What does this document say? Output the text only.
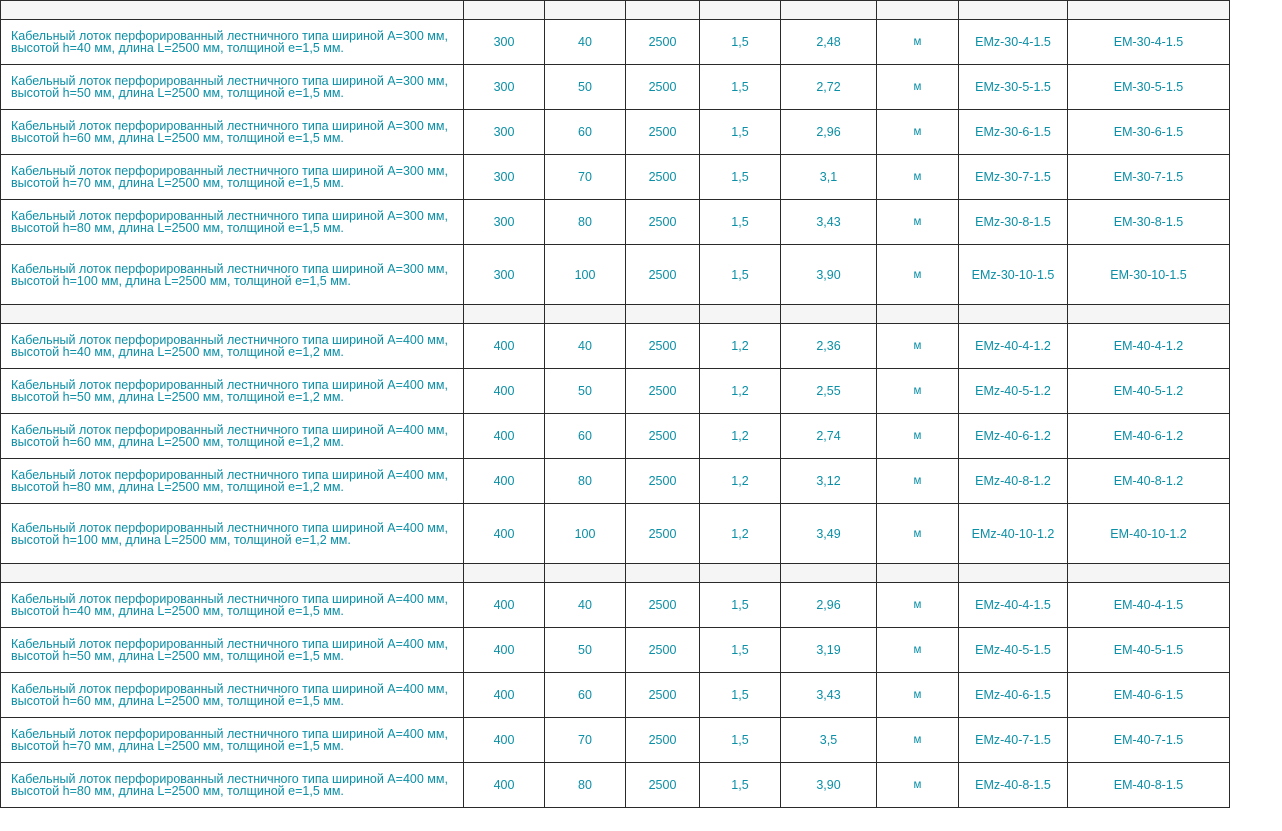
Кабельный лоток перфорированный лестничного типа шириной А=300 мм, высотой h=40 мм, длина L=2500 мм, толщиной e=1,5 мм.	300	40	2500	1,5	2,48	м	EMz-30-4-1.5	EM-30-4-1.5
Кабельный лоток перфорированный лестничного типа шириной А=300 мм, высотой h=50 мм, длина L=2500 мм, толщиной e=1,5 мм.	300	50	2500	1,5	2,72	м	EMz-30-5-1.5	EM-30-5-1.5
Кабельный лоток перфорированный лестничного типа шириной А=300 мм, высотой h=60 мм, длина L=2500 мм, толщиной e=1,5 мм.	300	60	2500	1,5	2,96	м	EMz-30-6-1.5	EM-30-6-1.5
Кабельный лоток перфорированный лестничного типа шириной А=300 мм, высотой h=70 мм, длина L=2500 мм, толщиной e=1,5 мм.	300	70	2500	1,5	3,1	м	EMz-30-7-1.5	EM-30-7-1.5
Кабельный лоток перфорированный лестничного типа шириной А=300 мм, высотой h=80 мм, длина L=2500 мм, толщиной e=1,5 мм.	300	80	2500	1,5	3,43	м	EMz-30-8-1.5	EM-30-8-1.5
Кабельный лоток перфорированный лестничного типа шириной А=300 мм, высотой h=100 мм, длина L=2500 мм, толщиной e=1,5 мм.	300	100	2500	1,5	3,90	м	EMz-30-10-1.5	EM-30-10-1.5

Кабельный лоток перфорированный лестничного типа шириной А=400 мм, высотой h=40 мм, длина L=2500 мм, толщиной e=1,2 мм.	400	40	2500	1,2	2,36	м	EMz-40-4-1.2	EM-40-4-1.2
Кабельный лоток перфорированный лестничного типа шириной А=400 мм, высотой h=50 мм, длина L=2500 мм, толщиной e=1,2 мм.	400	50	2500	1,2	2,55	м	EMz-40-5-1.2	EM-40-5-1.2
Кабельный лоток перфорированный лестничного типа шириной А=400 мм, высотой h=60 мм, длина L=2500 мм, толщиной e=1,2 мм.	400	60	2500	1,2	2,74	м	EMz-40-6-1.2	EM-40-6-1.2
Кабельный лоток перфорированный лестничного типа шириной А=400 мм, высотой h=80 мм, длина L=2500 мм, толщиной e=1,2 мм.	400	80	2500	1,2	3,12	м	EMz-40-8-1.2	EM-40-8-1.2
Кабельный лоток перфорированный лестничного типа шириной А=400 мм, высотой h=100 мм, длина L=2500 мм, толщиной e=1,2 мм.	400	100	2500	1,2	3,49	м	EMz-40-10-1.2	EM-40-10-1.2

Кабельный лоток перфорированный лестничного типа шириной А=400 мм, высотой h=40 мм, длина L=2500 мм, толщиной e=1,5 мм.	400	40	2500	1,5	2,96	м	EMz-40-4-1.5	EM-40-4-1.5
Кабельный лоток перфорированный лестничного типа шириной А=400 мм, высотой h=50 мм, длина L=2500 мм, толщиной e=1,5 мм.	400	50	2500	1,5	3,19	м	EMz-40-5-1.5	EM-40-5-1.5
Кабельный лоток перфорированный лестничного типа шириной А=400 мм, высотой h=60 мм, длина L=2500 мм, толщиной e=1,5 мм.	400	60	2500	1,5	3,43	м	EMz-40-6-1.5	EM-40-6-1.5
Кабельный лоток перфорированный лестничного типа шириной А=400 мм, высотой h=70 мм, длина L=2500 мм, толщиной e=1,5 мм.	400	70	2500	1,5	3,5	м	EMz-40-7-1.5	EM-40-7-1.5
Кабельный лоток перфорированный лестничного типа шириной А=400 мм, высотой h=80 мм, длина L=2500 мм, толщиной e=1,5 мм.	400	80	2500	1,5	3,90	м	EMz-40-8-1.5	EM-40-8-1.5
